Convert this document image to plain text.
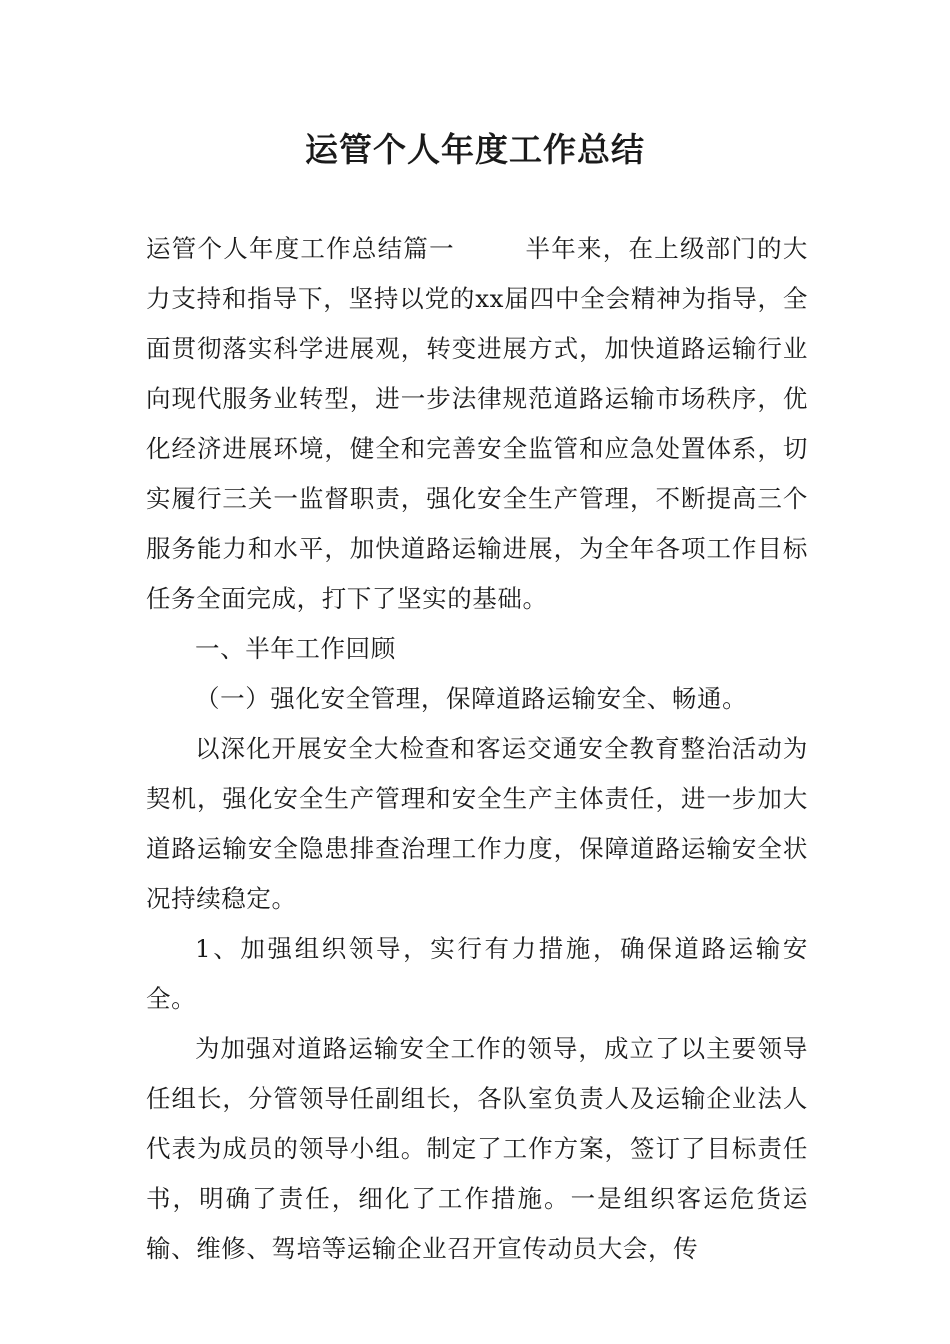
运管个人年度工作总结

运管个人年度工作总结篇一	半年来，在上级部门的大力支持和指导下，坚持以党的xx届四中全会精神为指导，全面贯彻落实科学进展观，转变进展方式，加快道路运输行业向现代服务业转型，进一步法律规范道路运输市场秩序，优化经济进展环境，健全和完善安全监管和应急处置体系，切实履行三关一监督职责，强化安全生产管理，不断提高三个服务能力和水平，加快道路运输进展，为全年各项工作目标任务全面完成，打下了坚实的基础。

一、半年工作回顾

（一）强化安全管理，保障道路运输安全、畅通。

以深化开展安全大检查和客运交通安全教育整治活动为契机，强化安全生产管理和安全生产主体责任，进一步加大道路运输安全隐患排查治理工作力度，保障道路运输安全状况持续稳定。

1、加强组织领导，实行有力措施，确保道路运输安全。

为加强对道路运输安全工作的领导，成立了以主要领导任组长，分管领导任副组长，各队室负责人及运输企业法人代表为成员的领导小组。制定了工作方案，签订了目标责任书，明确了责任，细化了工作措施。一是组织客运危货运输、维修、驾培等运输企业召开宣传动员大会，传
